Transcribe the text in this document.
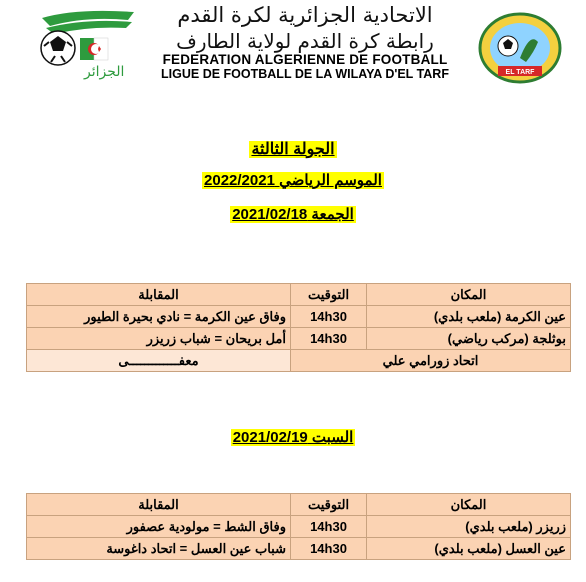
الجزائر
الاتحادية الجزائرية لكرة القدم
رابطة كرة القدم لولاية الطارف
FEDERATION ALGERIENNE DE FOOTBALL
LIGUE DE FOOTBALL DE LA WILAYA D'EL TARF	EL TARF
الجولة الثالثة
الموسم الرياضي 2022/2021
الجمعة 2021/02/18
المكان	التوقيت	المقابلة
عين الكرمة (ملعب بلدي)	14h30	وفاق عين الكرمة = نادي بحيرة الطيور
بوثلجة (مركب رياضي)	14h30	أمل بريحان = شباب زريزر
اتحاد زورامي علي		معفـــــــــــــى
السبت 2021/02/19
المكان	التوقيت	المقابلة
زريزر (ملعب بلدي)	14h30	وفاق الشط = مولودية عصفور
عين العسل (ملعب بلدي)	14h30	شباب عين العسل = اتحاد داغوسة
